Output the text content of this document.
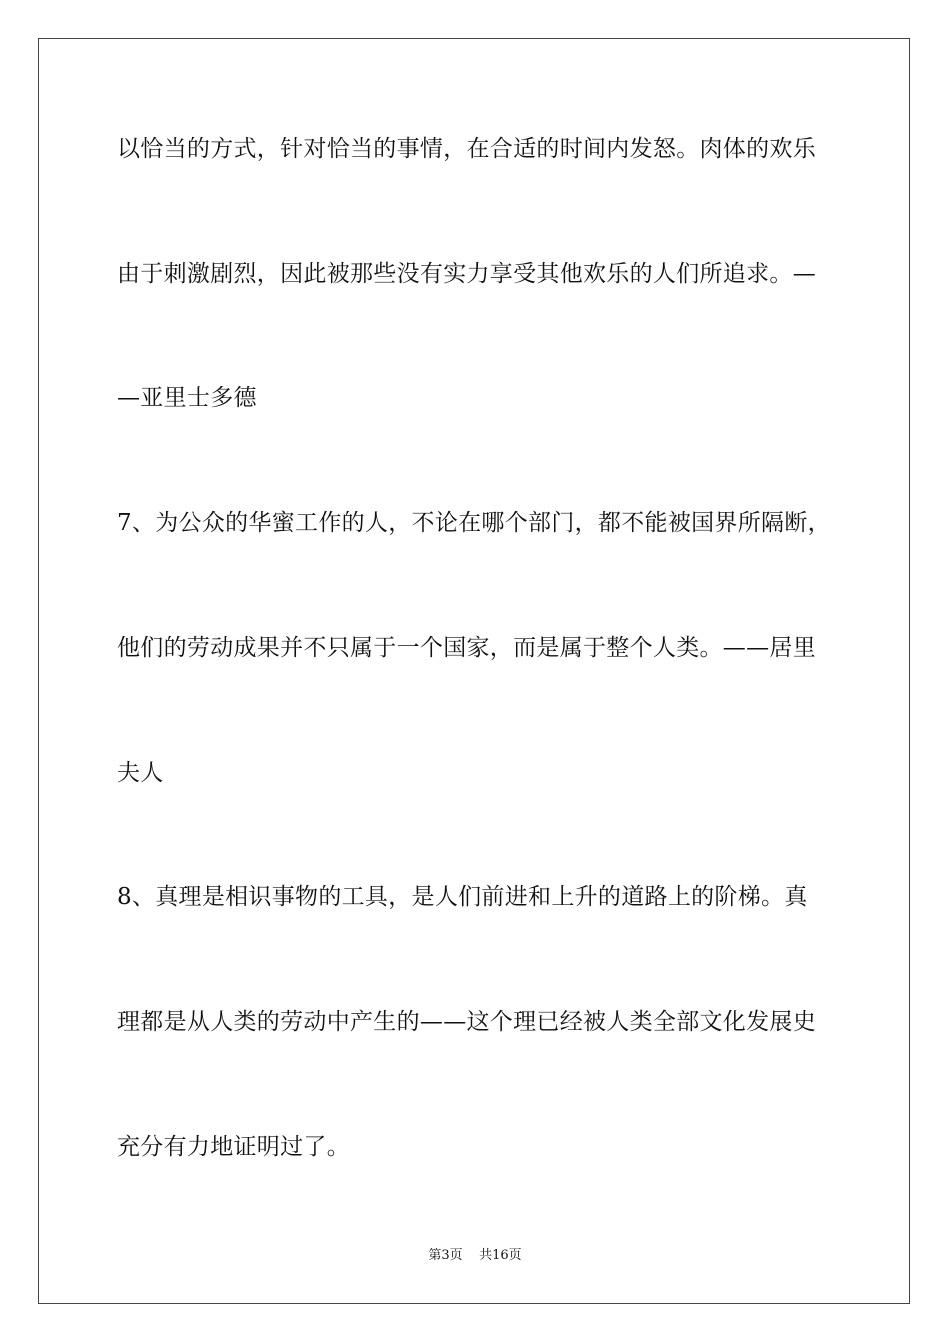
以恰当的方式，针对恰当的事情，在合适的时间内发怒。肉体的欢乐
由于刺激剧烈，因此被那些没有实力享受其他欢乐的人们所追求。—
—亚里士多德
7、为公众的华蜜工作的人，不论在哪个部门，都不能被国界所隔断，
他们的劳动成果并不只属于一个国家，而是属于整个人类。——居里
夫人
8、真理是相识事物的工具，是人们前进和上升的道路上的阶梯。真
理都是从人类的劳动中产生的——这个理已经被人类全部文化发展史
充分有力地证明过了。
第3页    共16页
